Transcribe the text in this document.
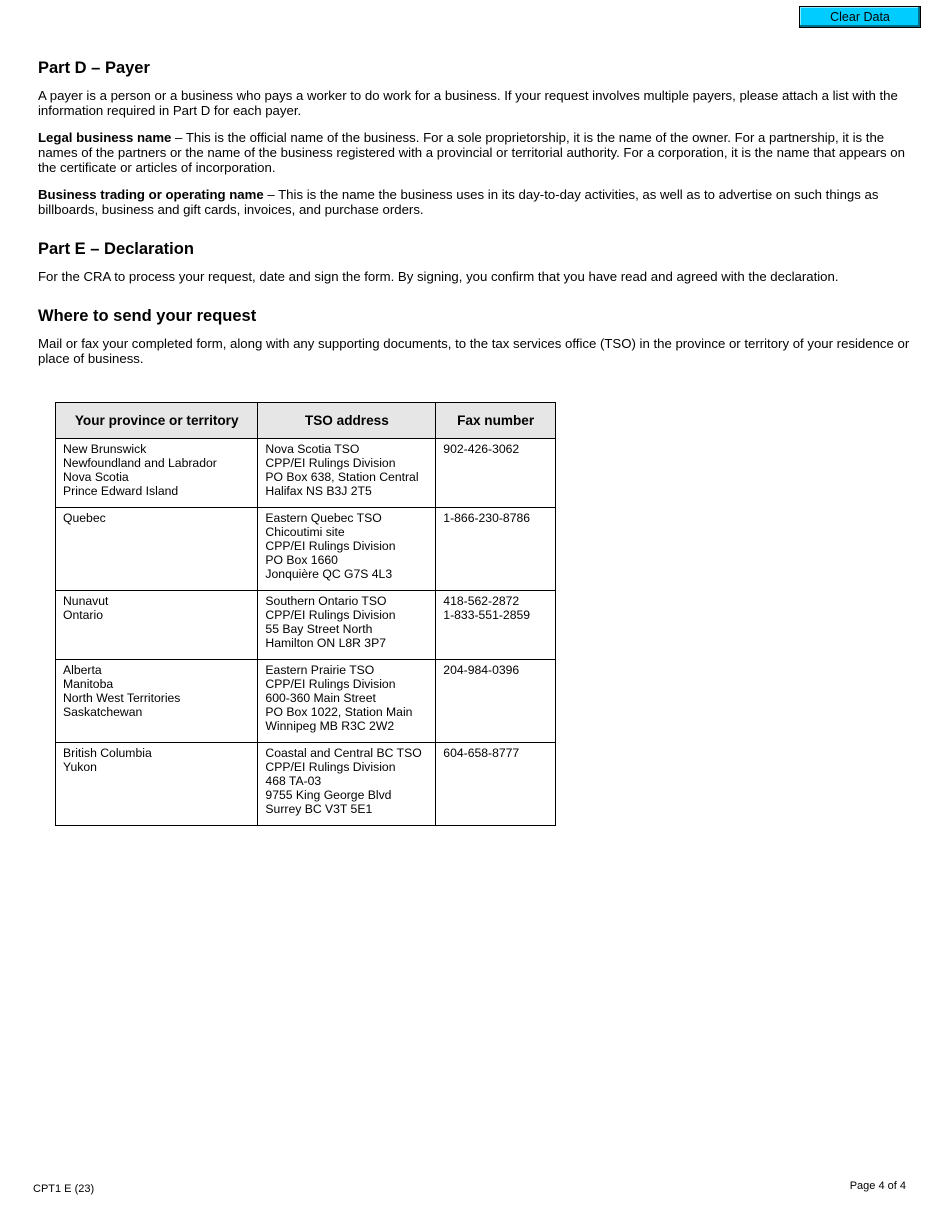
Clear Data
Part D – Payer

A payer is a person or a business who pays a worker to do work for a business. If your request involves multiple payers, please attach a list with the information required in Part D for each payer.

Legal business name – This is the official name of the business. For a sole proprietorship, it is the name of the owner. For a partnership, it is the names of the partners or the name of the business registered with a provincial or territorial authority. For a corporation, it is the name that appears on the certificate or articles of incorporation.

Business trading or operating name – This is the name the business uses in its day-to-day activities, as well as to advertise on such things as billboards, business and gift cards, invoices, and purchase orders.

Part E – Declaration

For the CRA to process your request, date and sign the form. By signing, you confirm that you have read and agreed with the declaration.

Where to send your request

Mail or fax your completed form, along with any supporting documents, to the tax services office (TSO) in the province or territory of your residence or place of business.

Your province or territory	TSO address	Fax number

New Brunswick
Newfoundland and Labrador
Nova Scotia
Prince Edward Island	Nova Scotia TSO
CPP/EI Rulings Division
PO Box 638, Station Central
Halifax NS B3J 2T5	902-426-3062

Quebec	Eastern Quebec TSO
Chicoutimi site
CPP/EI Rulings Division
PO Box 1660
Jonquière QC G7S 4L3	1-866-230-8786

Nunavut
Ontario	Southern Ontario TSO
CPP/EI Rulings Division
55 Bay Street North
Hamilton ON L8R 3P7	418-562-2872
1-833-551-2859

Alberta
Manitoba
North West Territories
Saskatchewan	Eastern Prairie TSO
CPP/EI Rulings Division
600-360 Main Street
PO Box 1022, Station Main
Winnipeg MB R3C 2W2	204-984-0396

British Columbia
Yukon	Coastal and Central BC TSO
CPP/EI Rulings Division
468 TA-03
9755 King George Blvd
Surrey BC V3T 5E1	604-658-8777
CPT1 E (23)	Page 4 of 4
